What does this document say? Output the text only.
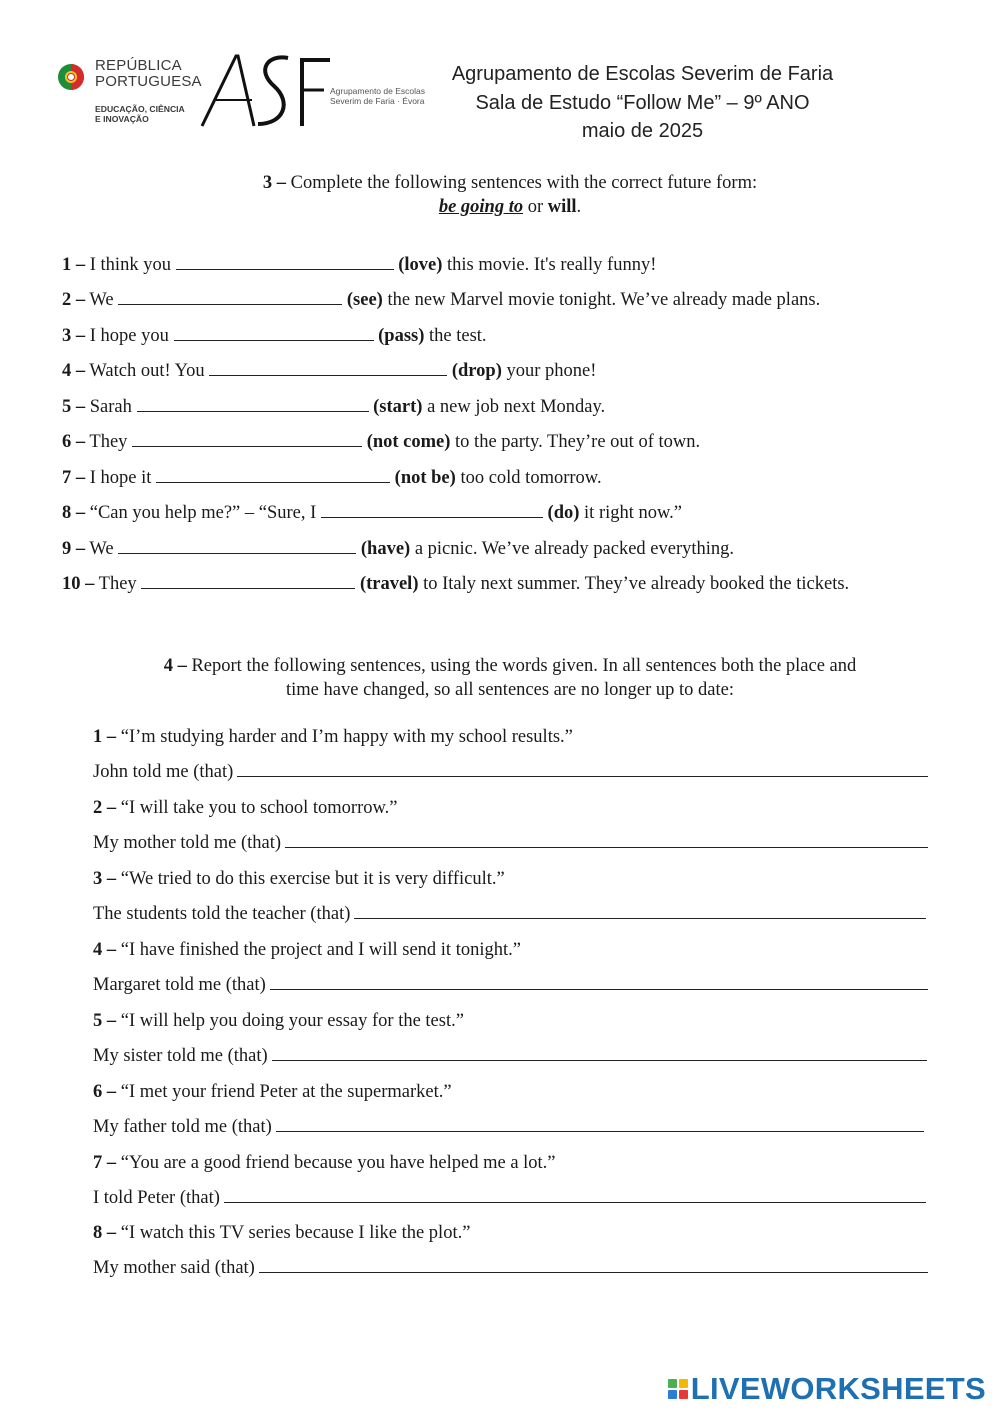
REPÚBLICA
PORTUGUESA
EDUCAÇÃO, CIÊNCIA
E INOVAÇÃO
Agrupamento de Escolas
Severim de Faria · Évora
Agrupamento de Escolas Severim de Faria
Sala de Estudo “Follow Me” – 9º ANO
maio de 2025
3 – Complete the following sentences with the correct future form:
be going to or will.
1 – I think you	(love) this movie. It's really funny!
2 – We	(see) the new Marvel movie tonight. We’ve already made plans.
3 – I hope you	(pass) the test.
4 – Watch out! You	(drop) your phone!
5 – Sarah	(start) a new job next Monday.
6 – They	(not come) to the party. They’re out of town.
7 – I hope it	(not be) too cold tomorrow.
8 – “Can you help me?” – “Sure, I	(do) it right now.”
9 – We	(have) a picnic. We’ve already packed everything.
10 – They	(travel) to Italy next summer. They’ve already booked the tickets.
4 – Report the following sentences, using the words given. In all sentences both the place and
time have changed, so all sentences are no longer up to date:
1 – “I’m studying harder and I’m happy with my school results.”
John told me (that)
2 – “I will take you to school tomorrow.”
My mother told me (that)
3 – “We tried to do this exercise but it is very difficult.”
The students told the teacher (that)
4 – “I have finished the project and I will send it tonight.”
Margaret told me (that)
5 – “I will help you doing your essay for the test.”
My sister told me (that)
6 – “I met your friend Peter at the supermarket.”
My father told me (that)
7 – “You are a good friend because you have helped me a lot.”
I told Peter (that)
8 – “I watch this TV series because I like the plot.”
My mother said (that)
LIVEWORKSHEETS
